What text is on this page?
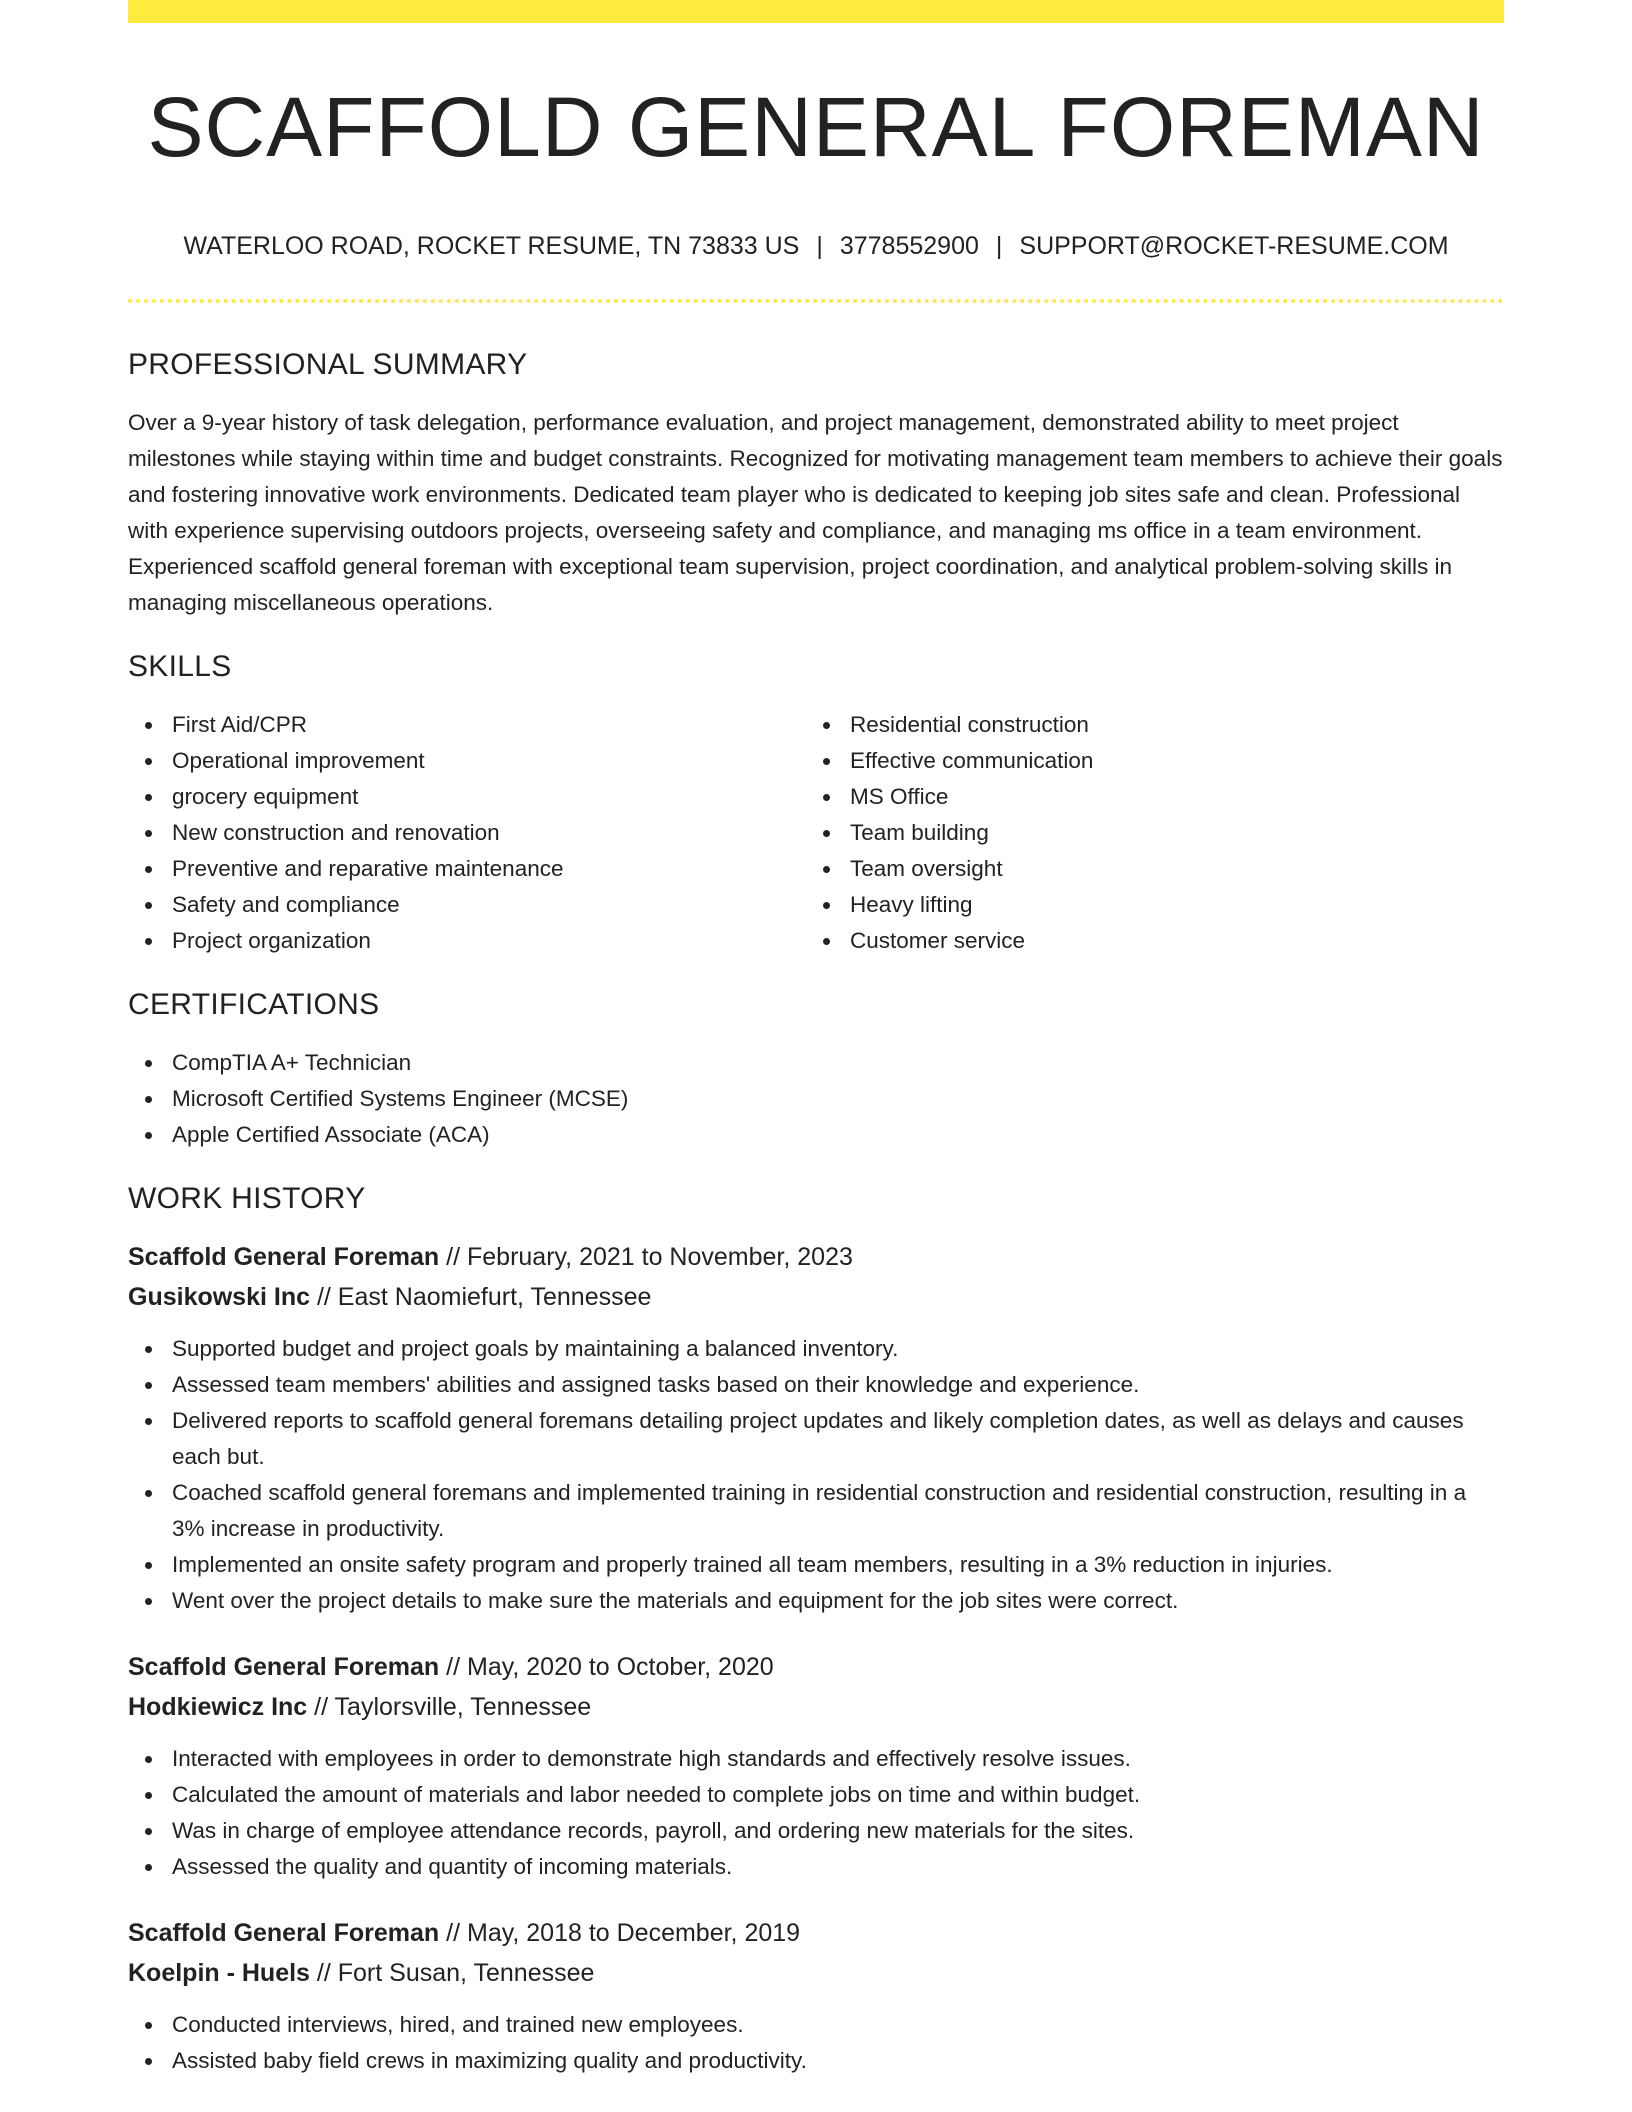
SCAFFOLD GENERAL FOREMAN
WATERLOO ROAD, ROCKET RESUME, TN 73833 US | 3778552900 | SUPPORT@ROCKET-RESUME.COM
PROFESSIONAL SUMMARY

Over a 9-year history of task delegation, performance evaluation, and project management, demonstrated ability to meet project milestones while staying within time and budget constraints. Recognized for motivating management team members to achieve their goals and fostering innovative work environments. Dedicated team player who is dedicated to keeping job sites safe and clean. Professional with experience supervising outdoors projects, overseeing safety and compliance, and managing ms office in a team environment. Experienced scaffold general foreman with exceptional team supervision, project coordination, and analytical problem-solving skills in managing miscellaneous operations.

SKILLS
First Aid/CPR
Operational improvement
grocery equipment
New construction and renovation
Preventive and reparative maintenance
Safety and compliance
Project organization
Residential construction
Effective communication
MS Office
Team building
Team oversight
Heavy lifting
Customer service
CERTIFICATIONS
CompTIA A+ Technician
Microsoft Certified Systems Engineer (MCSE)
Apple Certified Associate (ACA)
WORK HISTORY
Scaffold General Foreman // February, 2021 to November, 2023
Gusikowski Inc // East Naomiefurt, Tennessee
Supported budget and project goals by maintaining a balanced inventory.
Assessed team members' abilities and assigned tasks based on their knowledge and experience.
Delivered reports to scaffold general foremans detailing project updates and likely completion dates, as well as delays and causes each but.
Coached scaffold general foremans and implemented training in residential construction and residential construction, resulting in a 3% increase in productivity.
Implemented an onsite safety program and properly trained all team members, resulting in a 3% reduction in injuries.
Went over the project details to make sure the materials and equipment for the job sites were correct.
Scaffold General Foreman // May, 2020 to October, 2020
Hodkiewicz Inc // Taylorsville, Tennessee
Interacted with employees in order to demonstrate high standards and effectively resolve issues.
Calculated the amount of materials and labor needed to complete jobs on time and within budget.
Was in charge of employee attendance records, payroll, and ordering new materials for the sites.
Assessed the quality and quantity of incoming materials.
Scaffold General Foreman // May, 2018 to December, 2019
Koelpin - Huels // Fort Susan, Tennessee
Conducted interviews, hired, and trained new employees.
Assisted baby field crews in maximizing quality and productivity.
